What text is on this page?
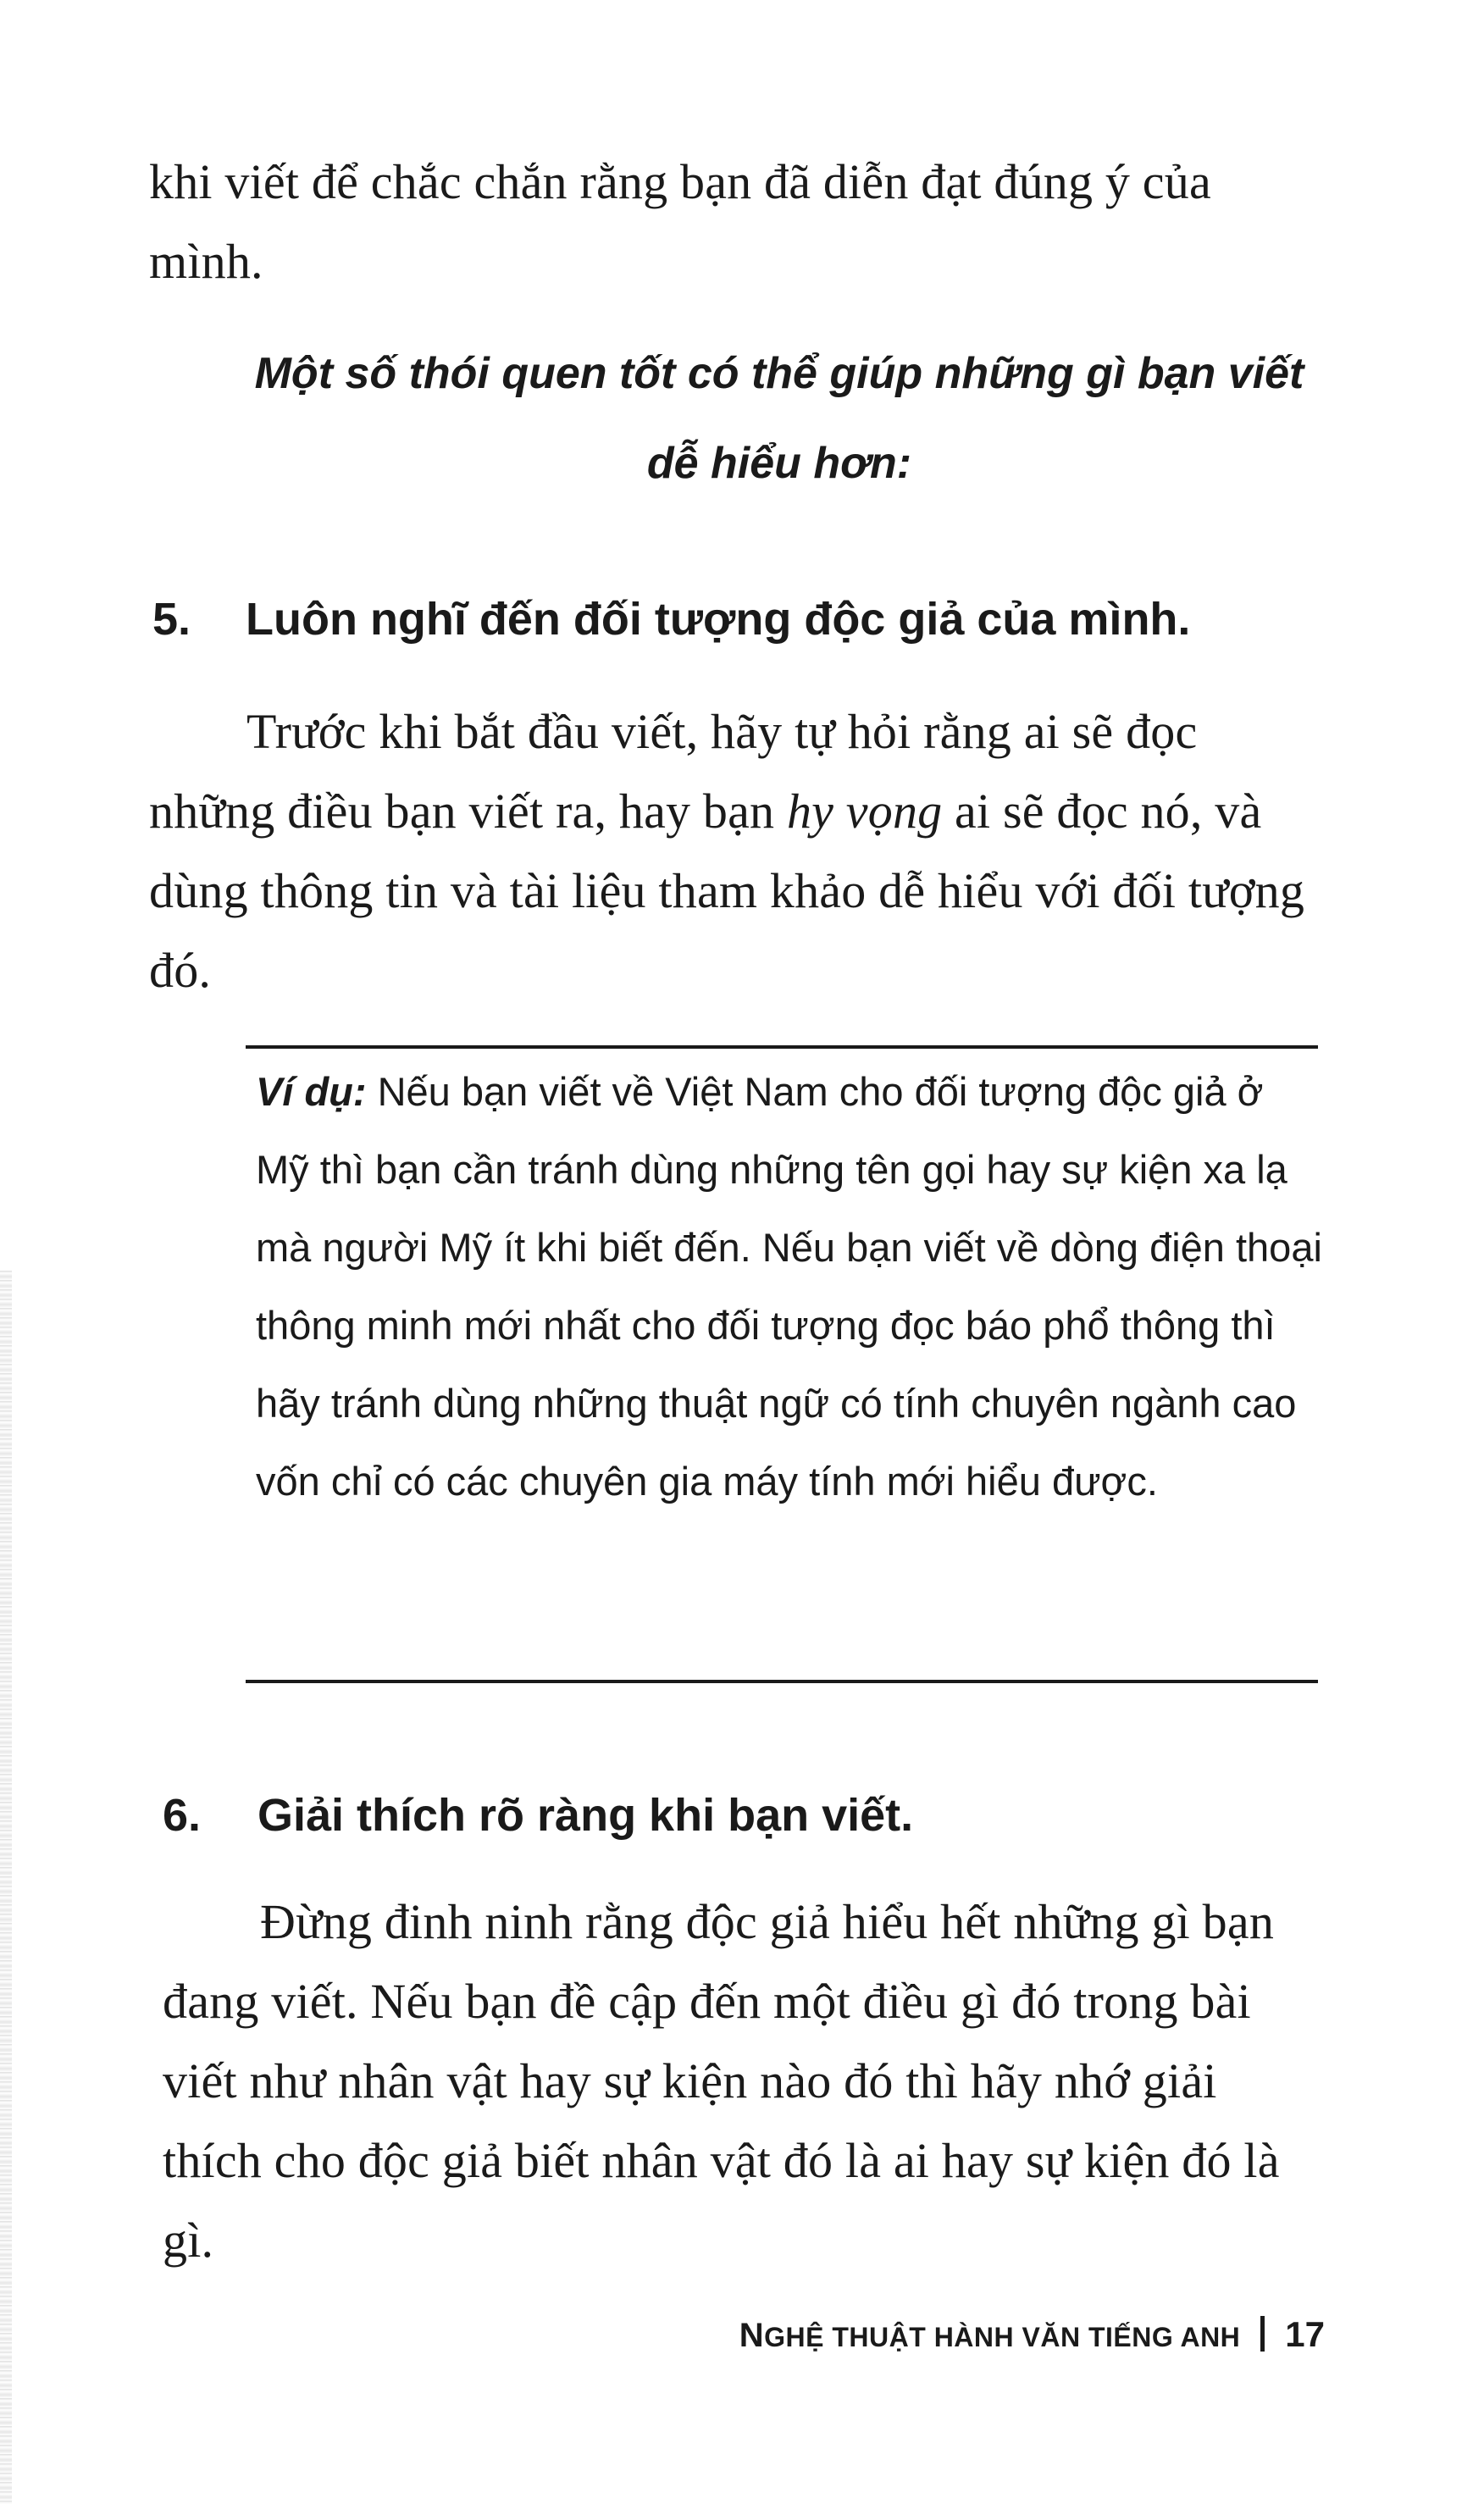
khi viết để chắc chắn rằng bạn đã diễn đạt đúng ý của mình.

Một số thói quen tốt có thể giúp những gì bạn viết dễ hiểu hơn:

5. Luôn nghĩ đến đối tượng độc giả của mình.

Trước khi bắt đầu viết, hãy tự hỏi rằng ai sẽ đọc những điều bạn viết ra, hay bạn hy vọng ai sẽ đọc nó, và dùng thông tin và tài liệu tham khảo dễ hiểu với đối tượng đó.

Ví dụ: Nếu bạn viết về Việt Nam cho đối tượng độc giả ở Mỹ thì bạn cần tránh dùng những tên gọi hay sự kiện xa lạ mà người Mỹ ít khi biết đến. Nếu bạn viết về dòng điện thoại thông minh mới nhất cho đối tượng đọc báo phổ thông thì hãy tránh dùng những thuật ngữ có tính chuyên ngành cao vốn chỉ có các chuyên gia máy tính mới hiểu được.

6. Giải thích rõ ràng khi bạn viết.

Đừng đinh ninh rằng độc giả hiểu hết những gì bạn đang viết. Nếu bạn đề cập đến một điều gì đó trong bài viết như nhân vật hay sự kiện nào đó thì hãy nhớ giải thích cho độc giả biết nhân vật đó là ai hay sự kiện đó là gì.

NGHỆ THUẬT HÀNH VĂN TIẾNG ANH 17
